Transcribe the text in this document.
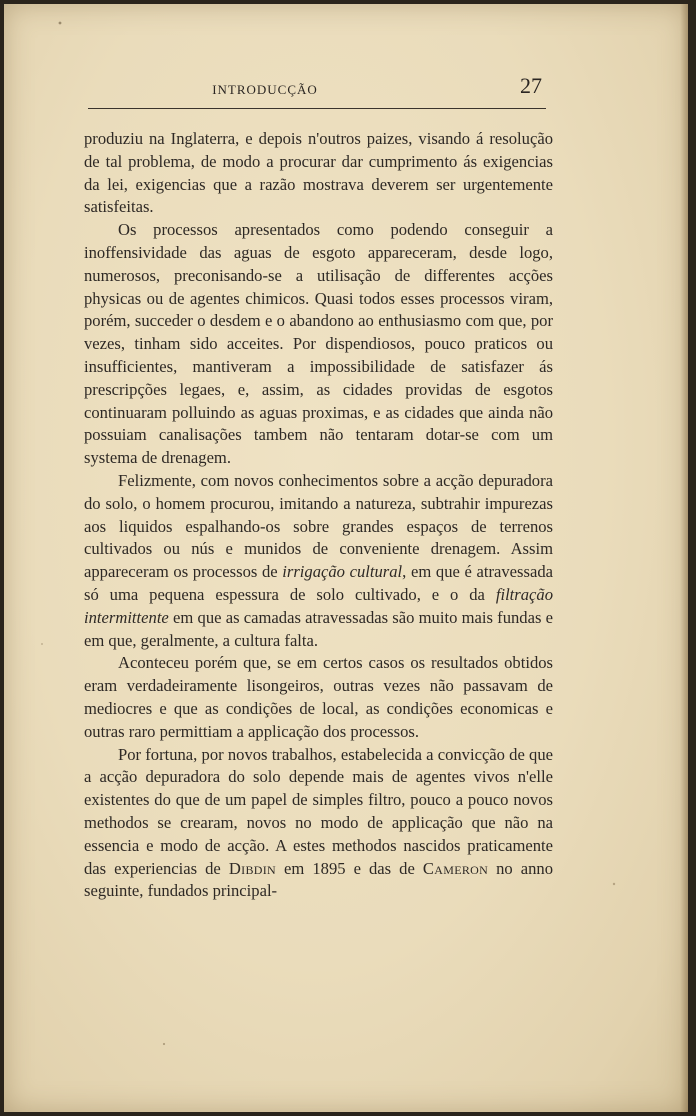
INTRODUCÇÃO	27

produziu na Inglaterra, e depois n'outros paizes, visando á resolução de tal problema, de modo a procurar dar cumprimento ás exigencias da lei, exigencias que a razão mostrava deverem ser urgentemente satisfeitas.

Os processos apresentados como podendo conseguir a inoffensividade das aguas de esgoto appareceram, desde logo, numerosos, preconisando-se a utilisação de differentes acções physicas ou de agentes chimicos. Quasi todos esses processos viram, porém, succeder o desdem e o abandono ao enthusiasmo com que, por vezes, tinham sido acceites. Por dispendiosos, pouco praticos ou insufficientes, mantiveram a impossibilidade de satisfazer ás prescripções legaes, e, assim, as cidades providas de esgotos continuaram polluindo as aguas proximas, e as cidades que ainda não possuiam canalisações tambem não tentaram dotar-se com um systema de drenagem.

Felizmente, com novos conhecimentos sobre a acção depuradora do solo, o homem procurou, imitando a natureza, subtrahir impurezas aos liquidos espalhando-os sobre grandes espaços de terrenos cultivados ou nús e munidos de conveniente drenagem. Assim appareceram os processos de irrigação cultural, em que é atravessada só uma pequena espessura de solo cultivado, e o da filtração intermittente em que as camadas atravessadas são muito mais fundas e em que, geralmente, a cultura falta.

Aconteceu porém que, se em certos casos os resultados obtidos eram verdadeiramente lisongeiros, outras vezes não passavam de mediocres e que as condições de local, as condições economicas e outras raro permittiam a applicação dos processos.

Por fortuna, por novos trabalhos, estabelecida a convicção de que a acção depuradora do solo depende mais de agentes vivos n'elle existentes do que de um papel de simples filtro, pouco a pouco novos methodos se crearam, novos no modo de applicação que não na essencia e modo de acção. A estes methodos nascidos praticamente das experiencias de Dibdin em 1895 e das de Cameron no anno seguinte, fundados principal-
